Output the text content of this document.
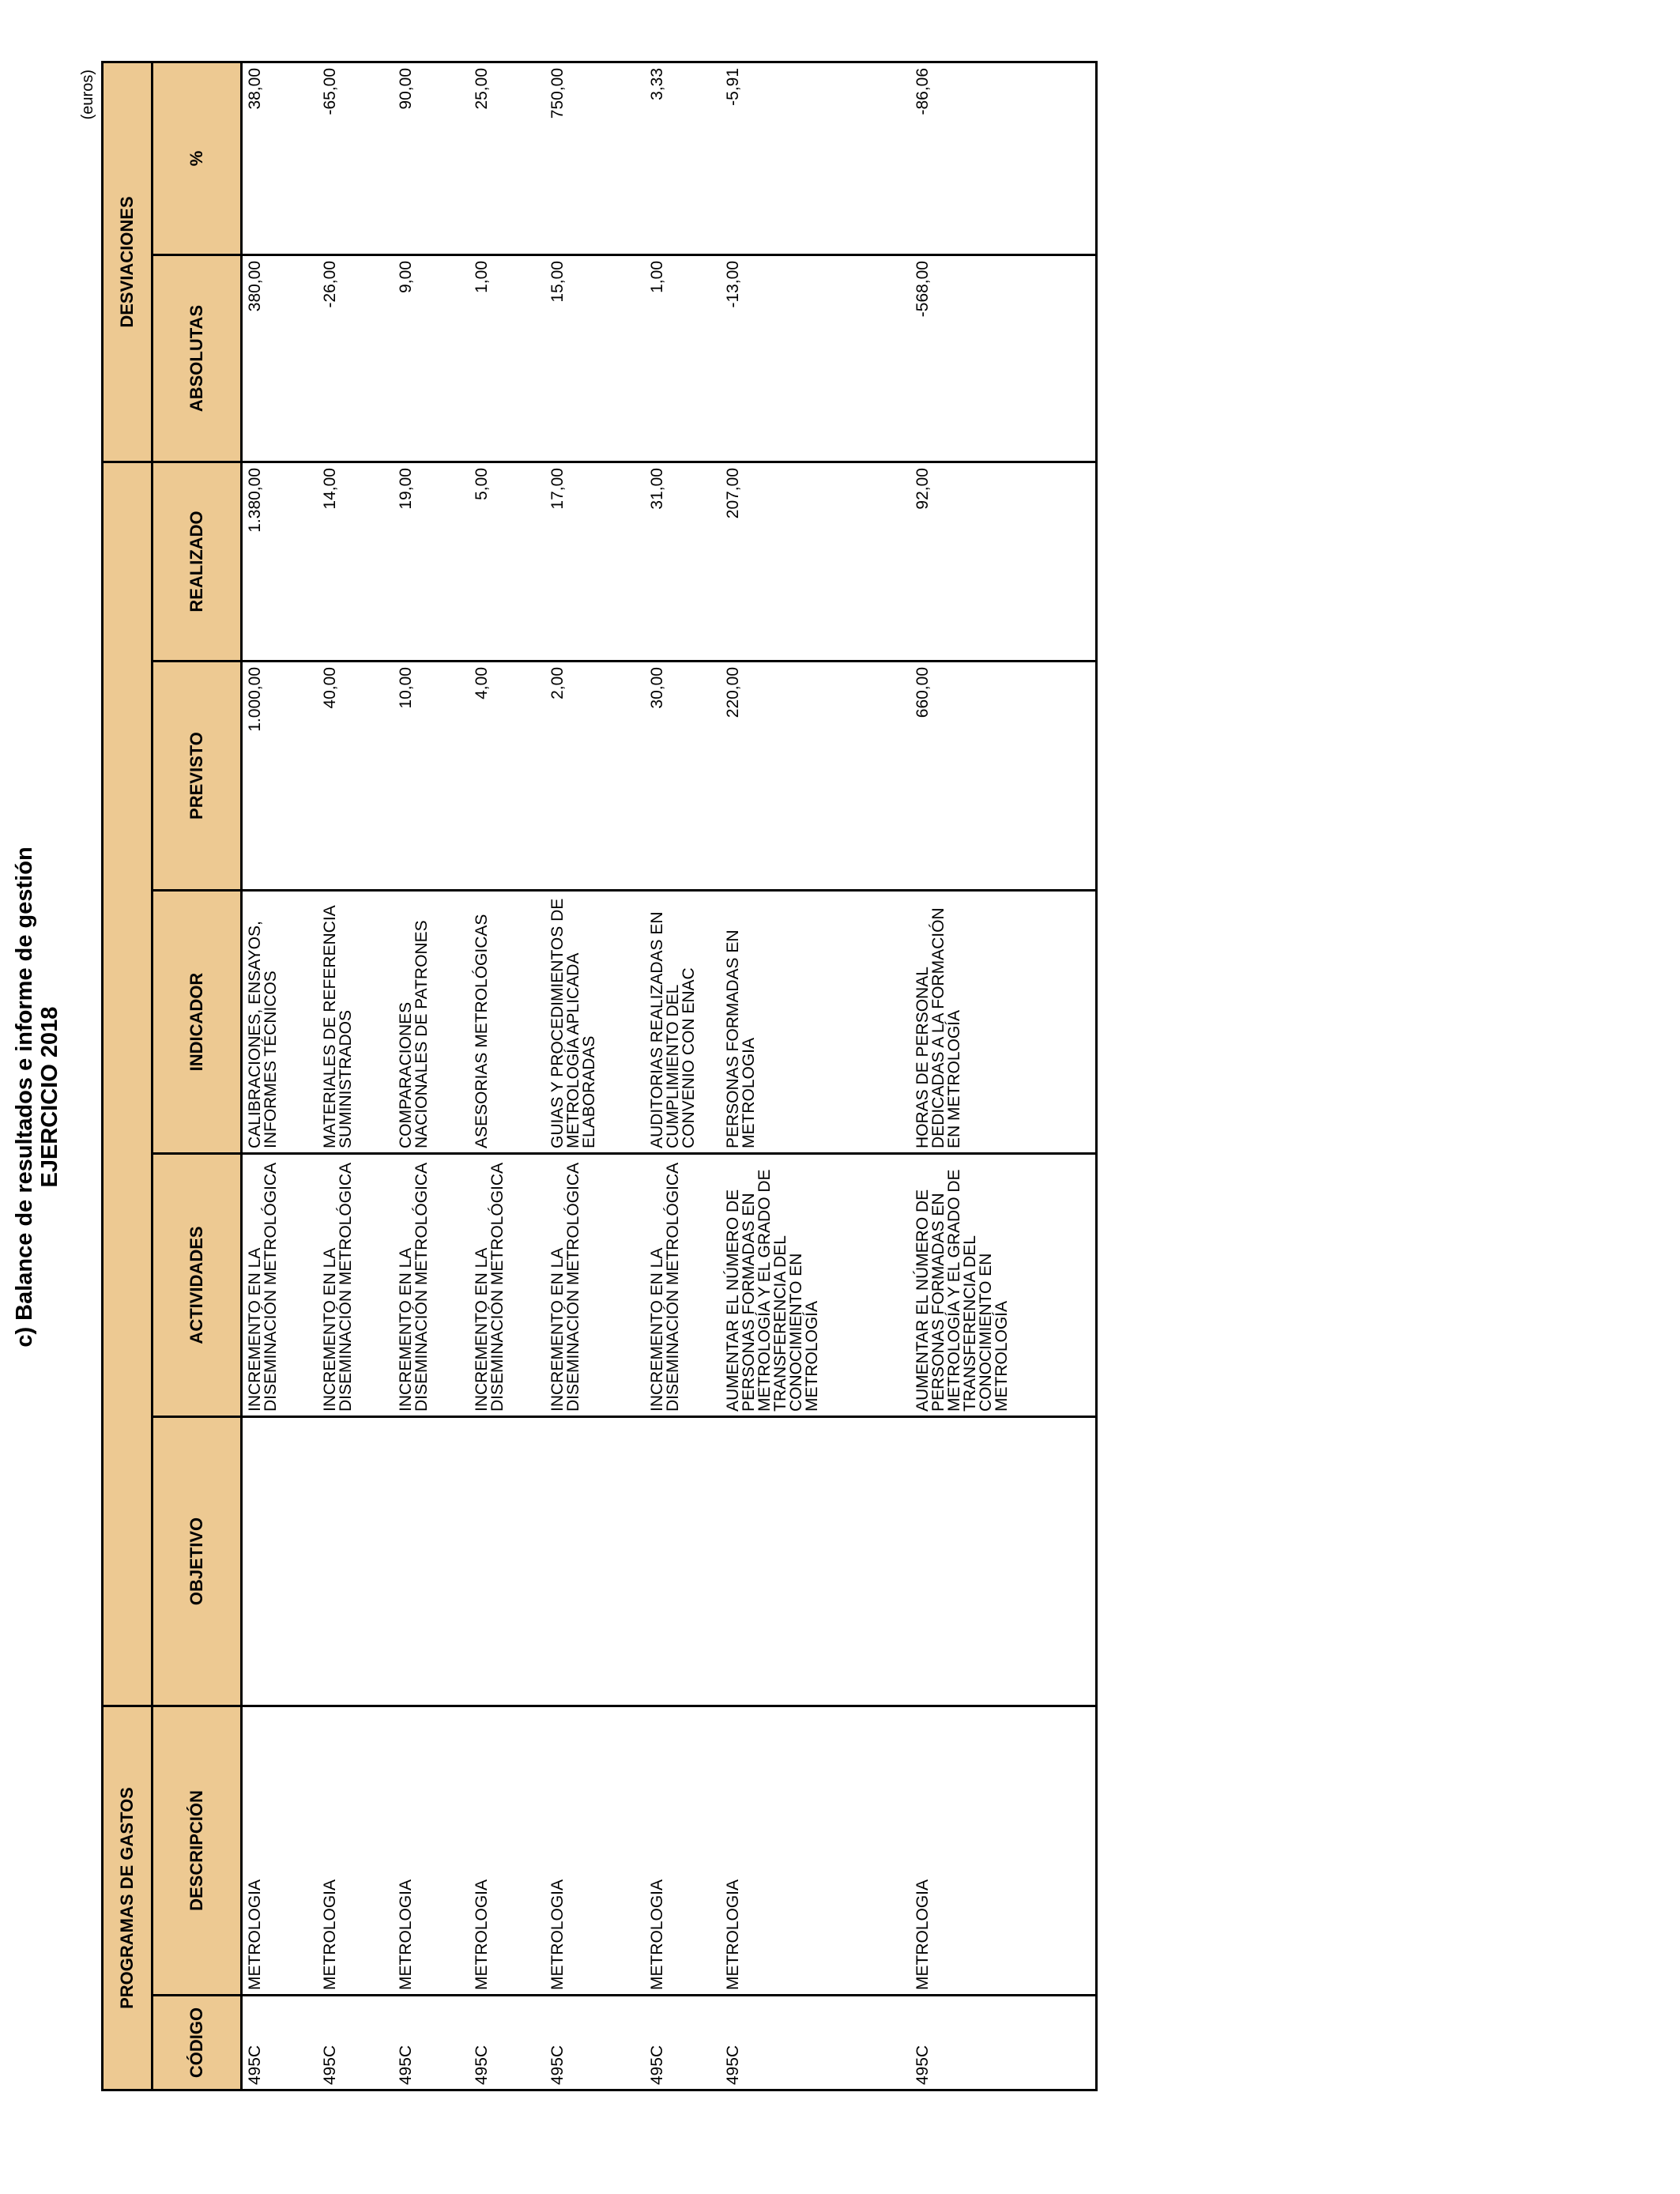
c) Balance de resultados e informe de gestión EJERCICIO 2018
(euros)
PROGRAMAS DE GASTOS							DESVIACIONES	
CÓDIGO	DESCRIPCIÓN	OBJETIVO	ACTIVIDADES	INDICADOR	PREVISTO	REALIZADO	ABSOLUTAS	%
495C	METROLOGIA		INCREMENTO EN LA DISEMINACIÓN METROLÓGICA	CALIBRACIONES, ENSAYOS, INFORMES TÉCNICOS	1.000,00	1.380,00	380,00	38,00
495C	METROLOGIA		INCREMENTO EN LA DISEMINACIÓN METROLÓGICA	MATERIALES DE REFERENCIA SUMINISTRADOS	40,00	14,00	-26,00	-65,00
495C	METROLOGIA		INCREMENTO EN LA DISEMINACIÓN METROLÓGICA	COMPARACIONES NACIONALES DE PATRONES	10,00	19,00	9,00	90,00
495C	METROLOGIA		INCREMENTO EN LA DISEMINACIÓN METROLÓGICA	ASESORIAS METROLÓGICAS	4,00	5,00	1,00	25,00
495C	METROLOGIA		INCREMENTO EN LA DISEMINACIÓN METROLÓGICA	GUIAS Y PROCEDIMIENTOS DE METROLOGÍA APLICADA ELABORADAS	2,00	17,00	15,00	750,00
495C	METROLOGIA		INCREMENTO EN LA DISEMINACIÓN METROLÓGICA	AUDITORIAS REALIZADAS EN CUMPLIMIENTO DEL CONVENIO CON ENAC	30,00	31,00	1,00	3,33
495C	METROLOGIA		AUMENTAR EL NÚMERO DE PERSONAS FORMADAS EN METROLOGÍA Y EL GRADO DE TRANSFERENCIA DEL CONOCIMIENTO EN METROLOGÍA	PERSONAS FORMADAS EN METROLOGIA	220,00	207,00	-13,00	-5,91
495C	METROLOGIA		AUMENTAR EL NÚMERO DE PERSONAS FORMADAS EN METROLOGÍA Y EL GRADO DE TRANSFERENCIA DEL CONOCIMIENTO EN METROLOGÍA	HORAS DE PERSONAL DEDICADAS A LA FORMACIÓN EN METROLOGÍA	660,00	92,00	-568,00	-86,06
